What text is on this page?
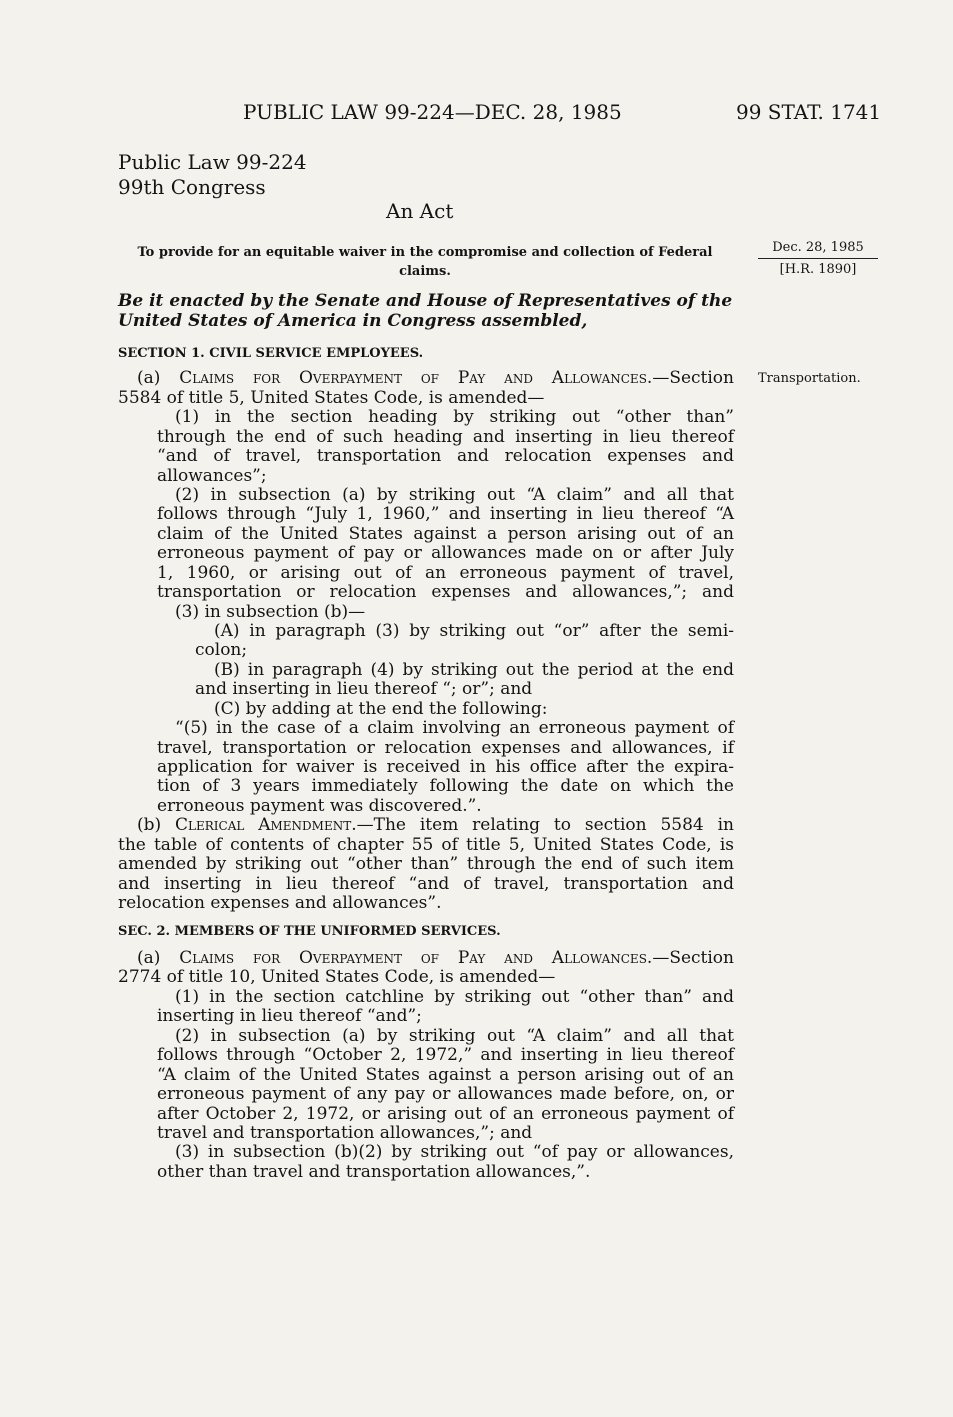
PUBLIC LAW 99-224—DEC. 28, 1985	99 STAT. 1741
Public Law 99-224
99th Congress
An Act
To provide for an equitable waiver in the compromise and collection of Federal
claims.
Dec. 28, 1985
[H.R. 1890]
Be it enacted by the Senate and House of Representatives of the United States of America in Congress assembled,
SECTION 1. CIVIL SERVICE EMPLOYEES.
Transportation.
(a) Claims for Overpayment of Pay and Allowances.—Section
5584 of title 5, United States Code, is amended—
(1) in the section heading by striking out “other than”
through the end of such heading and inserting in lieu thereof
“and of travel, transportation and relocation expenses and
allowances”;
(2) in subsection (a) by striking out “A claim” and all that
follows through “July 1, 1960,” and inserting in lieu thereof “A
claim of the United States against a person arising out of an
erroneous payment of pay or allowances made on or after July
1, 1960, or arising out of an erroneous payment of travel,
transportation or relocation expenses and allowances,”; and
(3) in subsection (b)—
(A) in paragraph (3) by striking out “or” after the semi-
colon;
(B) in paragraph (4) by striking out the period at the end
and inserting in lieu thereof “; or”; and
(C) by adding at the end the following:
“(5) in the case of a claim involving an erroneous payment of
travel, transportation or relocation expenses and allowances, if
application for waiver is received in his office after the expira-
tion of 3 years immediately following the date on which the
erroneous payment was discovered.”.
(b) Clerical Amendment.—The item relating to section 5584 in
the table of contents of chapter 55 of title 5, United States Code, is
amended by striking out “other than” through the end of such item
and inserting in lieu thereof “and of travel, transportation and
relocation expenses and allowances”.
SEC. 2. MEMBERS OF THE UNIFORMED SERVICES.
(a) Claims for Overpayment of Pay and Allowances.—Section
2774 of title 10, United States Code, is amended—
(1) in the section catchline by striking out “other than” and
inserting in lieu thereof “and”;
(2) in subsection (a) by striking out “A claim” and all that
follows through “October 2, 1972,” and inserting in lieu thereof
“A claim of the United States against a person arising out of an
erroneous payment of any pay or allowances made before, on, or
after October 2, 1972, or arising out of an erroneous payment of
travel and transportation allowances,”; and
(3) in subsection (b)(2) by striking out “of pay or allowances,
other than travel and transportation allowances,”.
